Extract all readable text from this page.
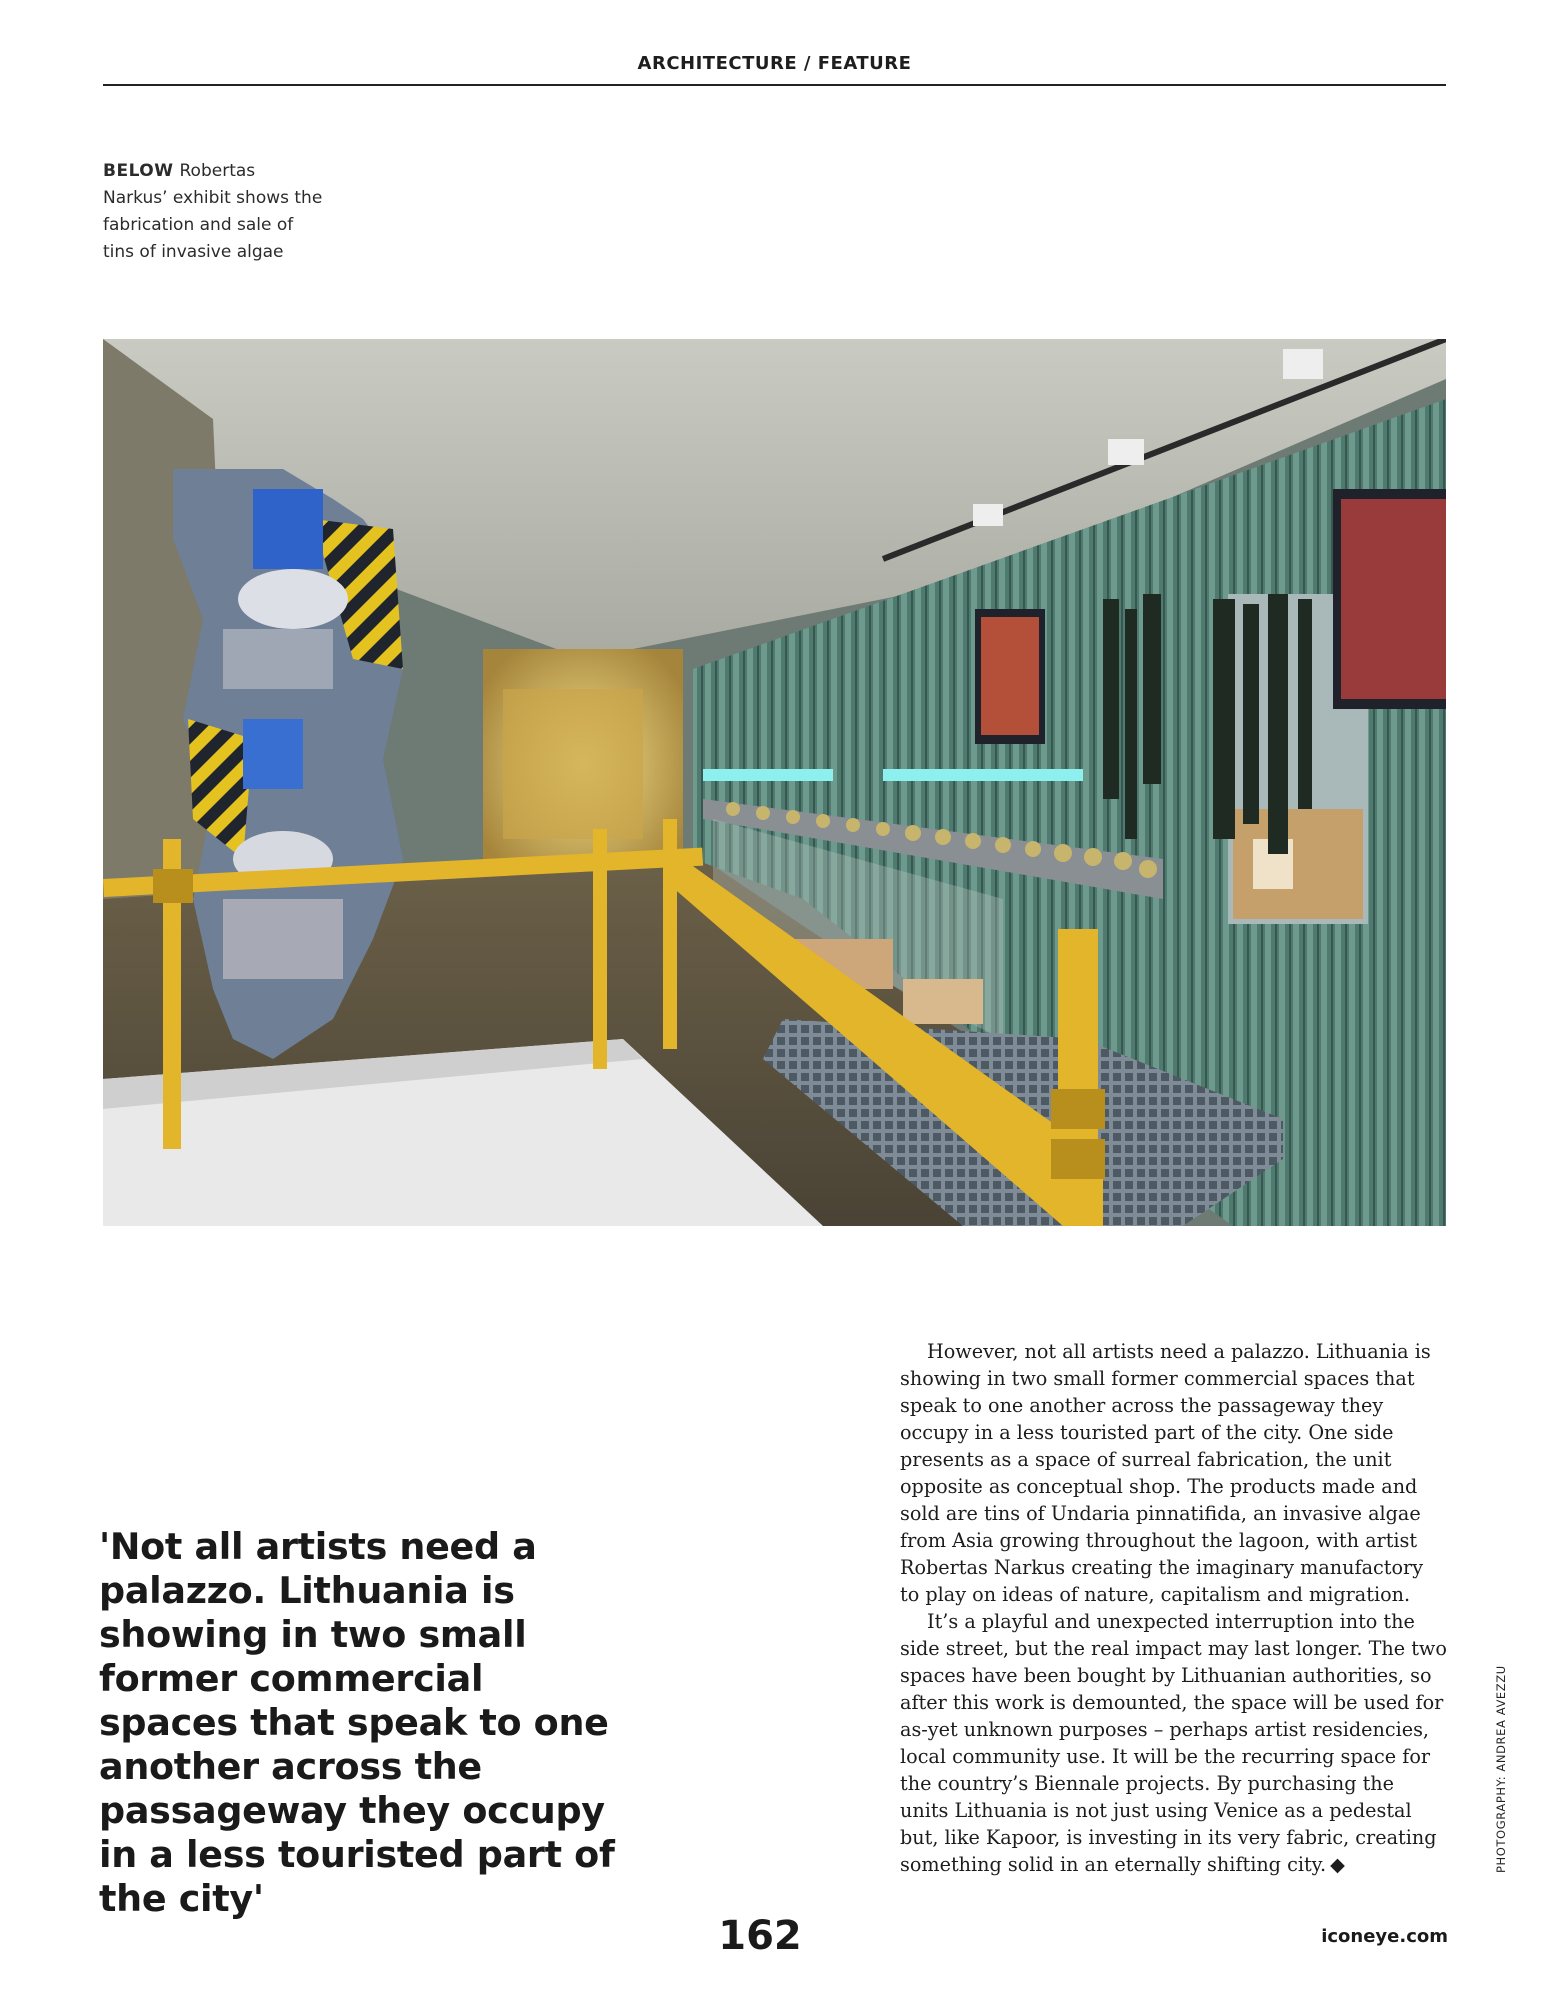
ARCHITECTURE / FEATURE
BELOW Robertas Narkus’ exhibit shows the fabrication and sale of tins of invasive algae
'Not all artists need a palazzo. Lithuania is showing in two small former commercial spaces that speak to one another across the passageway they occupy in a less touristed part of the city'

However, not all artists need a palazzo. Lithuania is showing in two small former commercial spaces that speak to one another across the passageway they occupy in a less touristed part of the city. One side presents as a space of surreal fabrication, the unit opposite as conceptual shop. The products made and sold are tins of Undaria pinnatifida, an invasive algae from Asia growing throughout the lagoon, with artist Robertas Narkus creating the imaginary manufactory to play on ideas of nature, capitalism and migration.

It’s a playful and unexpected interruption into the side street, but the real impact may last longer. The two spaces have been bought by Lithuanian authorities, so after this work is demounted, the space will be used for as-yet unknown purposes – perhaps artist residencies, local community use. It will be the recurring space for the country’s Biennale projects. By purchasing the units Lithuania is not just using Venice as a pedestal but, like Kapoor, is investing in its very fabric, creating something solid in an eternally shifting city. ◆	PHOTOGRAPHY: ANDREA AVEZZU
162	iconeye.com
